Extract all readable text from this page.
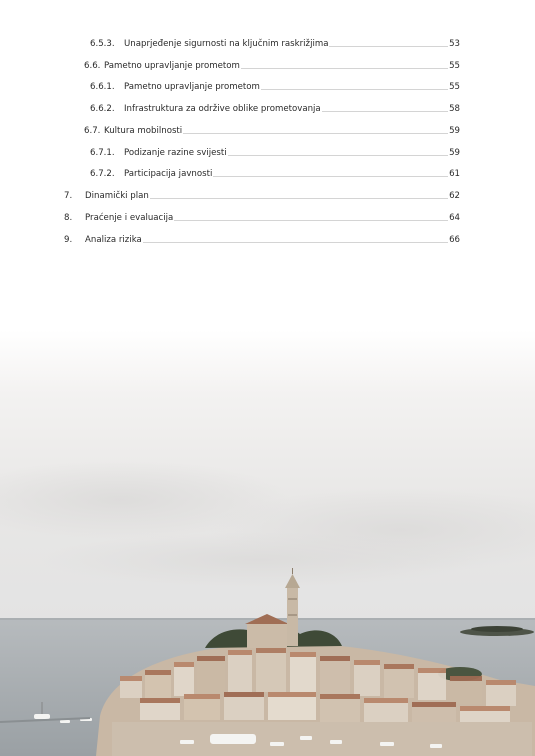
6.5.3.	Unaprjeđenje sigurnosti na ključnim raskrižjima	53
6.6. Pametno upravljanje prometom	55
6.6.1.	Pametno upravljanje prometom	55
6.6.2.	Infrastruktura za održive oblike prometovanja	58
6.7. Kultura mobilnosti	59
6.7.1.	Podizanje razine svijesti	59
6.7.2.	Participacija javnosti	61
7.	Dinamički plan	62
8.	Praćenje i evaluacija	64
9.	Analiza rizika	66
